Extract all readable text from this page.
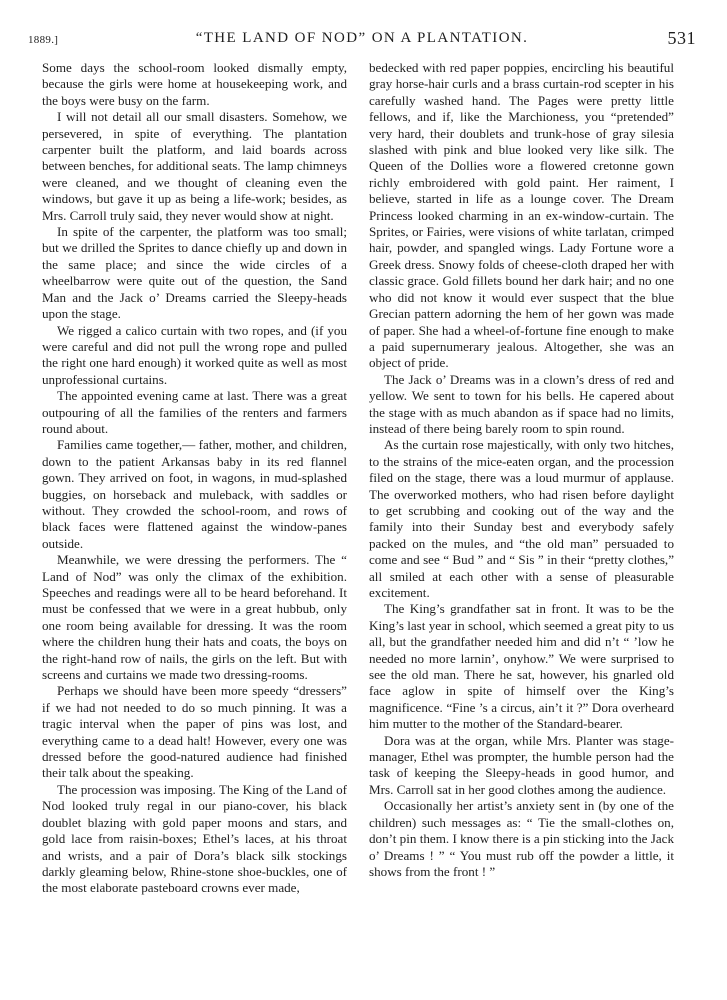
1889.]	“THE LAND OF NOD” ON A PLANTATION.	531

Some days the school-room looked dismally empty, because the girls were home at housekeeping work, and the boys were busy on the farm.

I will not detail all our small disasters. Somehow, we persevered, in spite of everything. The plantation carpenter built the platform, and laid boards across between benches, for additional seats. The lamp chimneys were cleaned, and we thought of cleaning even the windows, but gave it up as being a life-work; besides, as Mrs. Carroll truly said, they never would show at night.

In spite of the carpenter, the platform was too small; but we drilled the Sprites to dance chiefly up and down in the same place; and since the wide circles of a wheelbarrow were quite out of the question, the Sand Man and the Jack o’ Dreams carried the Sleepy-heads upon the stage.

We rigged a calico curtain with two ropes, and (if you were careful and did not pull the wrong rope and pulled the right one hard enough) it worked quite as well as most unprofessional curtains.

The appointed evening came at last. There was a great outpouring of all the families of the renters and farmers round about.

Families came together,— father, mother, and children, down to the patient Arkansas baby in its red flannel gown. They arrived on foot, in wagons, in mud-splashed buggies, on horseback and muleback, with saddles or without. They crowded the school-room, and rows of black faces were flattened against the window-panes outside.

Meanwhile, we were dressing the performers. The “ Land of Nod” was only the climax of the exhibition. Speeches and readings were all to be heard beforehand. It must be confessed that we were in a great hubbub, only one room being available for dressing. It was the room where the children hung their hats and coats, the boys on the right-hand row of nails, the girls on the left. But with screens and curtains we made two dressing-rooms.

Perhaps we should have been more speedy “dressers” if we had not needed to do so much pinning. It was a tragic interval when the paper of pins was lost, and everything came to a dead halt! However, every one was dressed before the good-natured audience had finished their talk about the speaking.

The procession was imposing. The King of the Land of Nod looked truly regal in our piano-cover, his black doublet blazing with gold paper moons and stars, and gold lace from raisin-boxes; Ethel’s laces, at his throat and wrists, and a pair of Dora’s black silk stockings darkly gleaming below, Rhine-stone shoe-buckles, one of the most elaborate pasteboard crowns ever made,

bedecked with red paper poppies, encircling his beautiful gray horse-hair curls and a brass curtain-rod scepter in his carefully washed hand. The Pages were pretty little fellows, and if, like the Marchioness, you “pretended” very hard, their doublets and trunk-hose of gray silesia slashed with pink and blue looked very like silk. The Queen of the Dollies wore a flowered cretonne gown richly embroidered with gold paint. Her raiment, I believe, started in life as a lounge cover. The Dream Princess looked charming in an ex-window-curtain. The Sprites, or Fairies, were visions of white tarlatan, crimped hair, powder, and spangled wings. Lady Fortune wore a Greek dress. Snowy folds of cheese-cloth draped her with classic grace. Gold fillets bound her dark hair; and no one who did not know it would ever suspect that the blue Grecian pattern adorning the hem of her gown was made of paper. She had a wheel-of-fortune fine enough to make a paid supernumerary jealous. Altogether, she was an object of pride.

The Jack o’ Dreams was in a clown’s dress of red and yellow. We sent to town for his bells. He capered about the stage with as much abandon as if space had no limits, instead of there being barely room to spin round.

As the curtain rose majestically, with only two hitches, to the strains of the mice-eaten organ, and the procession filed on the stage, there was a loud murmur of applause. The overworked mothers, who had risen before daylight to get scrubbing and cooking out of the way and the family into their Sunday best and everybody safely packed on the mules, and “the old man” persuaded to come and see “ Bud ” and “ Sis ” in their “pretty clothes,” all smiled at each other with a sense of pleasurable excitement.

The King’s grandfather sat in front. It was to be the King’s last year in school, which seemed a great pity to us all, but the grandfather needed him and did n’t “ ’low he needed no more larnin’, onyhow.” We were surprised to see the old man. There he sat, however, his gnarled old face aglow in spite of himself over the King’s magnificence. “Fine ’s a circus, ain’t it ?” Dora overheard him mutter to the mother of the Standard-bearer.

Dora was at the organ, while Mrs. Planter was stage-manager, Ethel was prompter, the humble person had the task of keeping the Sleepy-heads in good humor, and Mrs. Carroll sat in her good clothes among the audience.

Occasionally her artist’s anxiety sent in (by one of the children) such messages as: “ Tie the small-clothes on, don’t pin them. I know there is a pin sticking into the Jack o’ Dreams ! ” “ You must rub off the powder a little, it shows from the front ! ”
